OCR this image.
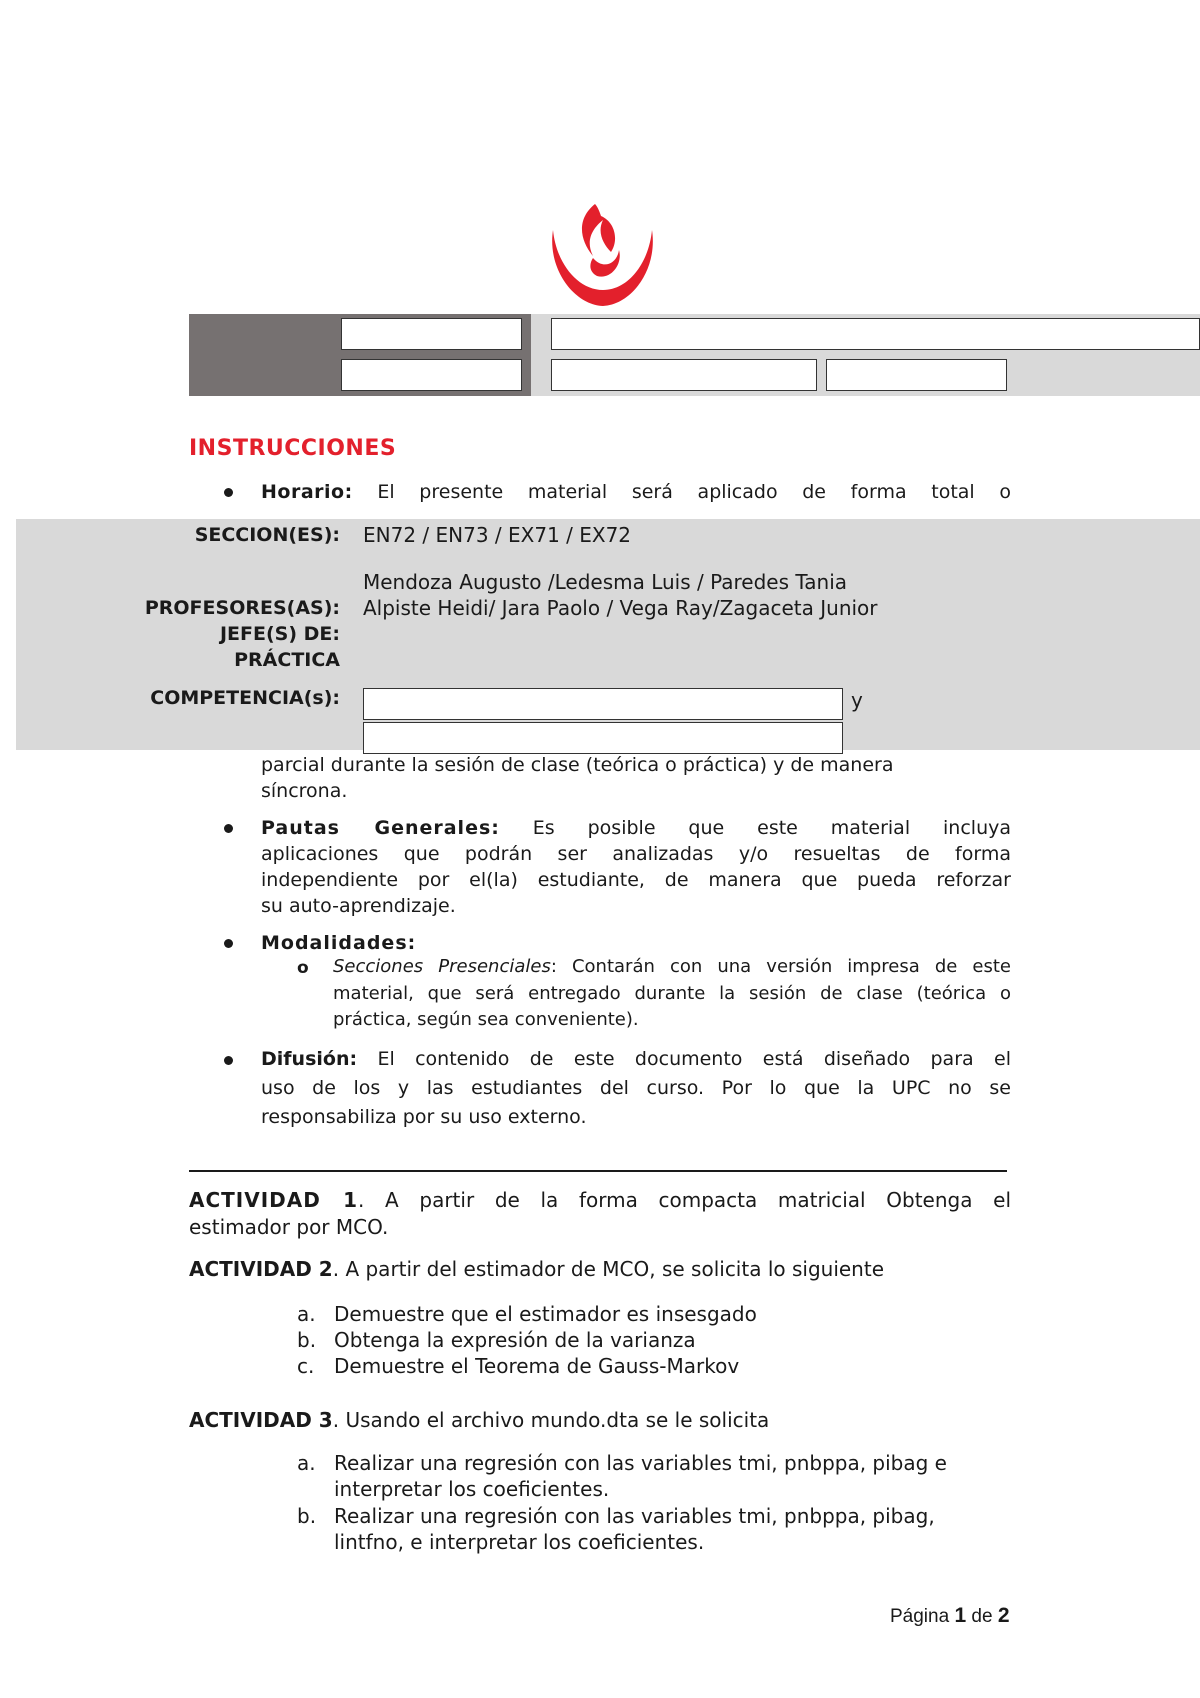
INSTRUCCIONES
Horario: El presente material será aplicado de forma total o
SECCION(ES): EN72 / EN73 / EX71 / EX72
Mendoza Augusto /Ledesma Luis / Paredes Tania
PROFESORES(AS): Alpiste Heidi/ Jara Paolo / Vega Ray/Zagaceta Junior
JEFE(S) DE:
PRÁCTICA
COMPETENCIA(s):	y
parcial durante la sesión de clase (teórica o práctica) y de manera
síncrona.
Pautas Generales: Es posible que este material incluya
aplicaciones que podrán ser analizadas y/o resueltas de forma
independiente por el(la) estudiante, de manera que pueda reforzar
su auto-aprendizaje.
Modalidades:
o Secciones Presenciales: Contarán con una versión impresa de este
material, que será entregado durante la sesión de clase (teórica o
práctica, según sea conveniente).
Difusión: El contenido de este documento está diseñado para el
uso de los y las estudiantes del curso. Por lo que la UPC no se
responsabiliza por su uso externo.
ACTIVIDAD 1. A partir de la forma compacta matricial Obtenga el
estimador por MCO.
ACTIVIDAD 2. A partir del estimador de MCO, se solicita lo siguiente
a. Demuestre que el estimador es insesgado
b. Obtenga la expresión de la varianza
c. Demuestre el Teorema de Gauss-Markov
ACTIVIDAD 3. Usando el archivo mundo.dta se le solicita
a. Realizar una regresión con las variables tmi, pnbppa, pibag e
interpretar los coeficientes.
b. Realizar una regresión con las variables tmi, pnbppa, pibag,
lintfno, e interpretar los coeficientes.
Página 1 de 2
